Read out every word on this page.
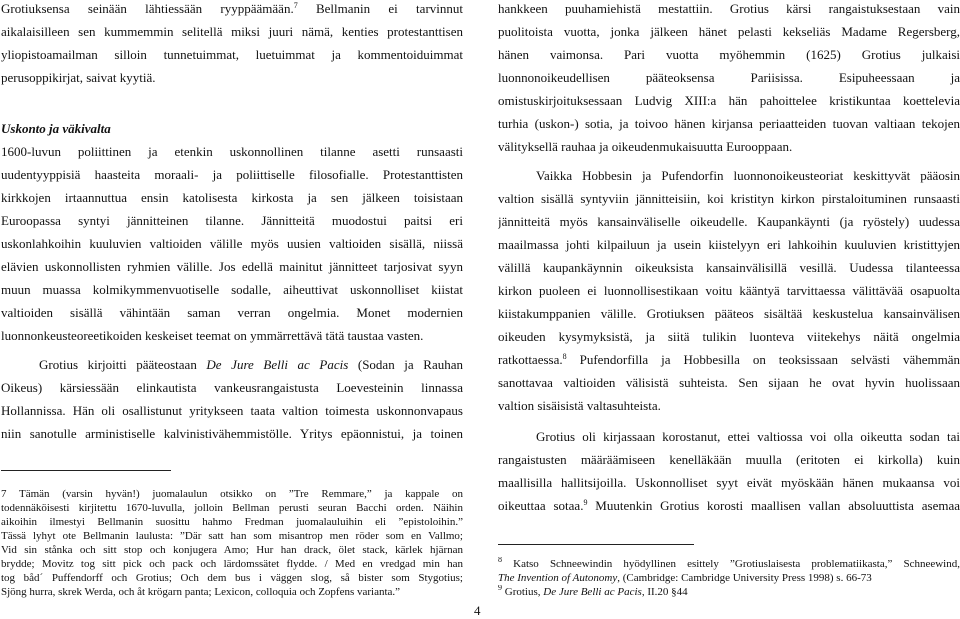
Grotiuksensa seinään lähtiessään ryyppäämään.$^7$ Bellmanin ei tarvinnut
aikalaisilleen sen kummemmin selitellä miksi juuri nämä, kenties protestanttisen
yliopistoamailman silloin tunnetuimmat, luetuimmat ja kommentoiduimmat
perusoppikirjat, saivat kyytiä.
Uskonto ja väkivalta
1600-luvun poliittinen ja etenkin uskonnollinen tilanne asetti runsaasti
uudentyyppisiä haasteita moraali- ja poliittiselle filosofialle. Protestanttisten
kirkkojen irtaannuttua ensin katolisesta kirkosta ja sen jälkeen toisistaan
Euroopassa syntyi jännitteinen tilanne. Jännitteitä muodostui paitsi eri
uskonlahkoihin kuuluvien valtioiden välille myös uusien valtioiden sisällä, niissä
elävien uskonnollisten ryhmien välille. Jos edellä mainitut jännitteet tarjosivat syyn
muun muassa kolmikymmenvuotiselle sodalle, aiheuttivat uskonnolliset kiistat
valtioiden sisällä vähintään saman verran ongelmia. Monet modernien
luonnonkeusteoreetikoiden keskeiset teemat on ymmärrettävä tätä taustaa vasten.
Grotius kirjoitti pääteostaan De Jure Belli ac Pacis (Sodan ja Rauhan
Oikeus) kärsiessään elinkautista vankeusrangaistusta Loevesteinin linnassa
Hollannissa. Hän oli osallistunut yritykseen taata valtion toimesta uskonnonvapaus
niin sanotulle arministiselle kalvinistivähemmistölle. Yritys epäonnistui, ja toinen
7 Tämän (varsin hyvän!) juomalaulun otsikko on ”Tre Remmare,” ja kappale on
todennäköisesti kirjitettu 1670-luvulla, jolloin Bellman perusti seuran Bacchi orden. Näihin
aikoihin ilmestyi Bellmanin suosittu hahmo Fredman juomalauluihin eli ”epistoloihin.”
Tässä lyhyt ote Bellmanin laulusta: ”Där satt han som misantrop men röder som en Vallmo;
Vid sin stånka och sitt stop och konjugera Amo; Hur han drack, ölet stack, kärlek hjärnan
brydde; Movitz tog sitt pick och pack och lärdomssätet flydde. / Med en vredgad min han
tog båd´ Puffendorff och Grotius; Och dem bus i väggen slog, så bister som Stygotius;
Sjöng hurra, skrek Werda, och åt krögarn panta; Lexicon, colloquia och Zopfens varianta.”
hankkeen puuhamiehistä mestattiin. Grotius kärsi rangaistuksestaan vain
puolitoista vuotta, jonka jälkeen hänet pelasti kekseliäs Madame Regersberg,
hänen vaimonsa. Pari vuotta myöhemmin (1625) Grotius julkaisi
luonnonoikeudellisen pääteoksensa Pariisissa. Esipuheessaan ja
omistuskirjoituksessaan Ludvig XIII:a hän pahoittelee kristikuntaa koettelevia
turhia (uskon-) sotia, ja toivoo hänen kirjansa periaatteiden tuovan valtiaan tekojen
välityksellä rauhaa ja oikeudenmukaisuutta Eurooppaan.
Vaikka Hobbesin ja Pufendorfin luonnonoikeusteoriat keskittyvät pääosin
valtion sisällä syntyviin jännitteisiin, koi kristityn kirkon pirstaloituminen runsaasti
jännitteitä myös kansainväliselle oikeudelle. Kaupankäynti (ja ryöstely) uudessa
maailmassa johti kilpailuun ja usein kiistelyyn eri lahkoihin kuuluvien kristittyjen
välillä kaupankäynnin oikeuksista kansainvälisillä vesillä. Uudessa tilanteessa
kirkon puoleen ei luonnollisestikaan voitu kääntyä tarvittaessa välittävää osapuolta
kiistakumppanien välille. Grotiuksen pääteos sisältää keskustelua kansainvälisen
oikeuden kysymyksistä, ja siitä tulikin luonteva viitekehys näitä ongelmia
ratkottaessa.$^8$ Pufendorfilla ja Hobbesilla on teoksissaan selvästi vähemmän
sanottavaa valtioiden välisistä suhteista. Sen sijaan he ovat hyvin huolissaan
valtion sisäisistä valtasuhteista.
Grotius oli kirjassaan korostanut, ettei valtiossa voi olla oikeutta sodan tai
rangaistusten määräämiseen kenelläkään muulla (eritoten ei kirkolla) kuin
maallisilla hallitsijoilla. Uskonnolliset syyt eivät myöskään hänen mukaansa voi
oikeuttaa sotaa.$^9$ Muutenkin Grotius korosti maallisen vallan absoluuttista asemaa
$^8$ Katso Schneewindin hyödyllinen esittely ”Grotiuslaisesta problematiikasta,” Schneewind,
The Invention of Autonomy, (Cambridge: Cambridge University Press 1998) s. 66-73
$^9$ Grotius, De Jure Belli ac Pacis, II.20 §44
4
